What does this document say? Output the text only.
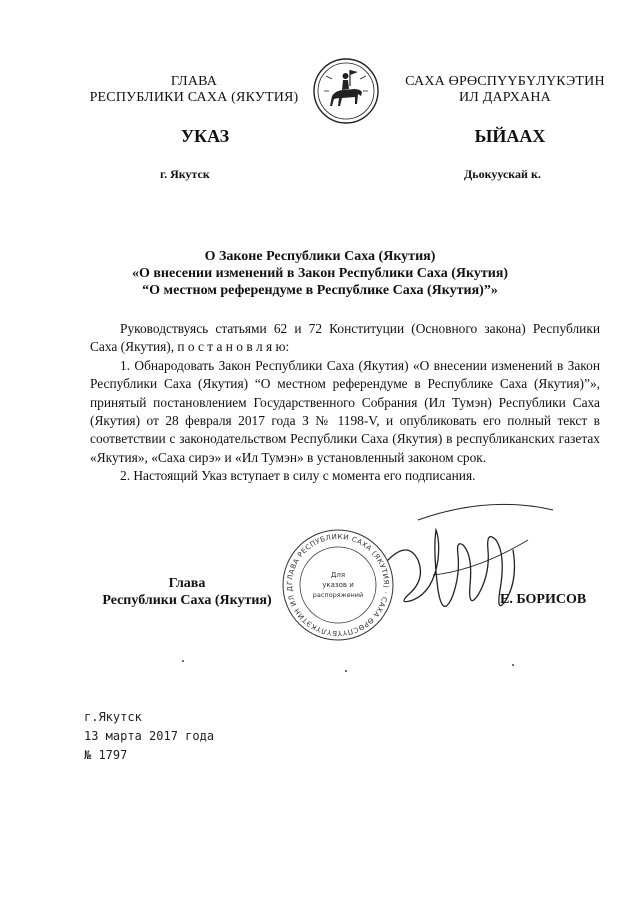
ГЛАВА
РЕСПУБЛИКИ САХА (ЯКУТИЯ)
САХА ӨРӨСПҮҮБҮЛҮКЭТИН
ИЛ ДАРХАНА
УКАЗ	ЫЙААХ
г. Якутск	Дьокуускай к.
О Законе Республики Саха (Якутия)
«О внесении изменений в Закон Республики Саха (Якутия)
“О местном референдуме в Республике Саха (Якутия)”»

Руководствуясь статьями 62 и 72 Конституции (Основного закона) Республики Саха (Якутия), п о с т а н о в л я ю:

1. Обнародовать Закон Республики Саха (Якутия) «О внесении изменений в Закон Республики Саха (Якутия) “О местном референдуме в Республике Саха (Якутия)”», принятый постановлением Государственного Собрания (Ил Тумэн) Республики Саха (Якутия) от 28 февраля 2017 года З № 1198-V, и опубликовать его полный текст в соответствии с законодательством Республики Саха (Якутия) в республиканских газетах «Якутия», «Саха сирэ» и «Ил Тумэн» в установленный законом срок.

2. Настоящий Указ вступает в силу с момента его подписания.

Глава
Республики Саха (Якутия)
ГЛАВА РЕСПУБЛИКИ САХА (ЯКУТИЯ) · САХА ӨРӨСПҮҮБҮЛҮКЭТИН ИЛ Д
Для
указов и
распоряжений	Е. БОРИСОВ
г.Якутск
13 марта 2017 года
№ 1797
